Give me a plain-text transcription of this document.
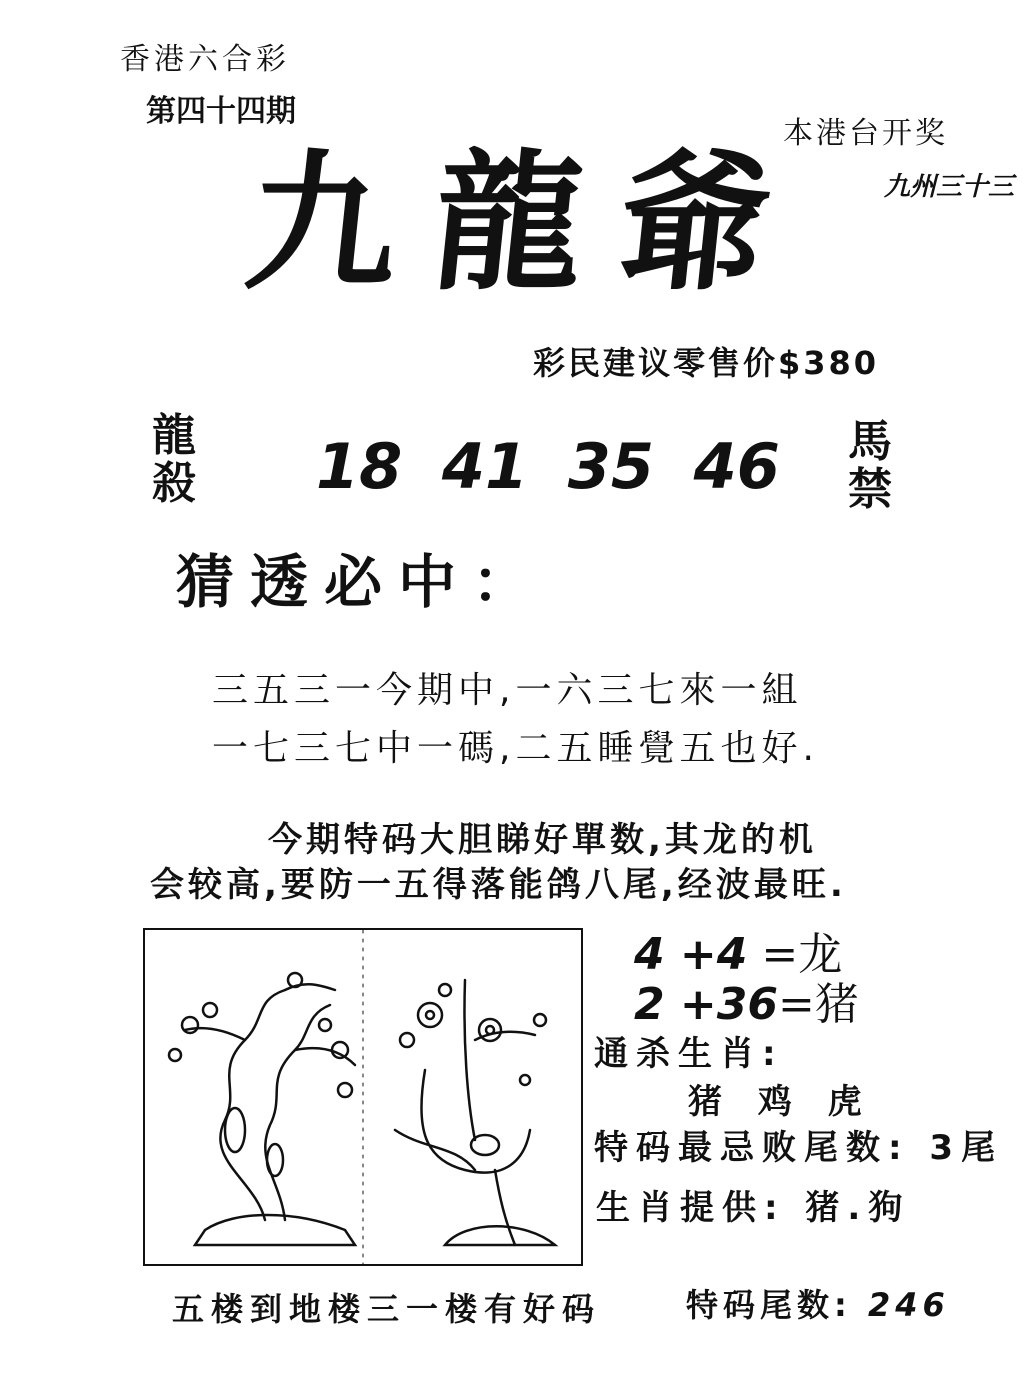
香港六合彩
第四十四期
本港台开奖
九州三十三
九龍爺
彩民建议零售价$380
龍
殺 18 41 35 46 馬
禁
猜透必中：
三五三一今期中,一六三七來一組
一七三七中一碼,二五睡覺五也好.
今期特码大胆睇好單数,其龙的机
会较高,要防一五得落能鸽八尾,经波最旺.
4 +4 =龙
2 +36=猪
通杀生肖:
猪 鸡 虎
特码最忌败尾数: 3尾
生肖提供: 猪.狗
五楼到地楼三一楼有好码	特码尾数: 246
